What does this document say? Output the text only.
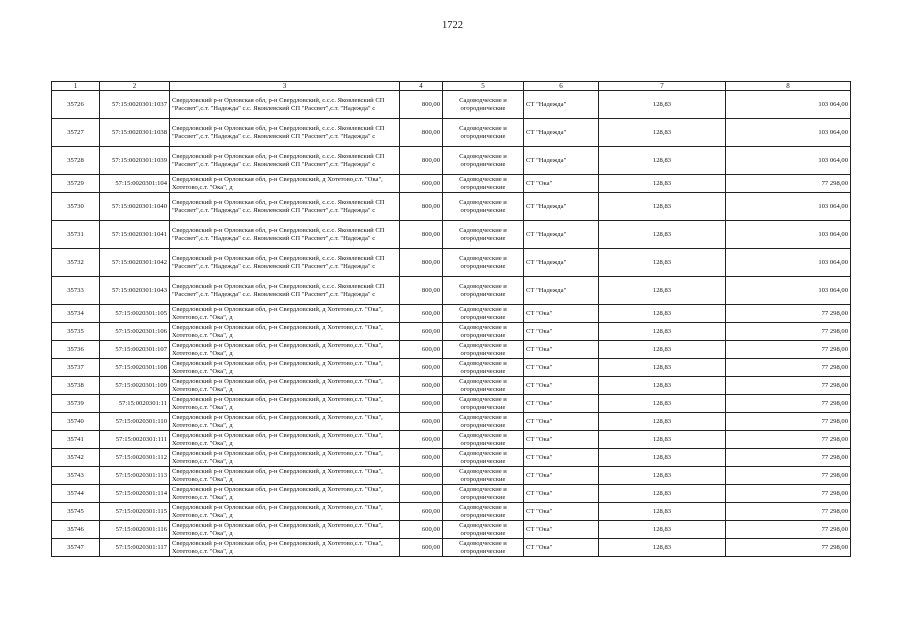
1722
1	2	3	4	5	6	7	8
35726	57:15:0020301:1037	Свердловский р-н Орловская обл, р-н Свердловский, с.с.с. Яковлевский СП "Рассвет",с.т. "Надежда" с.с. Яковлевский СП "Рассвет",с.т. "Надежда" с	800,00	Садоводческие и огороднические	СТ "Надежда"	128,83	103 064,00
35727	57:15:0020301:1038	Свердловский р-н Орловская обл, р-н Свердловский, с.с.с. Яковлевский СП "Рассвет",с.т. "Надежда" с.с. Яковлевский СП "Рассвет",с.т. "Надежда" с	800,00	Садоводческие и огороднические	СТ "Надежда"	128,83	103 064,00
35728	57:15:0020301:1039	Свердловский р-н Орловская обл, р-н Свердловский, с.с.с. Яковлевский СП "Рассвет",с.т. "Надежда" с.с. Яковлевский СП "Рассвет",с.т. "Надежда" с	800,00	Садоводческие и огороднические	СТ "Надежда"	128,83	103 064,00
35729	57:15:0020301:104	Свердловский р-н Орловская обл, р-н Свердловский, д Хотетово,с.т. "Ока", Хотетово,с.т. "Ока", д	600,00	Садоводческие и огороднические	СТ "Ока"	128,83	77 298,00
35730	57:15:0020301:1040	Свердловский р-н Орловская обл, р-н Свердловский, с.с.с. Яковлевский СП "Рассвет",с.т. "Надежда" с.с. Яковлевский СП "Рассвет",с.т. "Надежда" с	800,00	Садоводческие и огороднические	СТ "Надежда"	128,83	103 064,00
35731	57:15:0020301:1041	Свердловский р-н Орловская обл, р-н Свердловский, с.с.с. Яковлевский СП "Рассвет",с.т. "Надежда" с.с. Яковлевский СП "Рассвет",с.т. "Надежда" с	800,00	Садоводческие и огороднические	СТ "Надежда"	128,83	103 064,00
35732	57:15:0020301:1042	Свердловский р-н Орловская обл, р-н Свердловский, с.с.с. Яковлевский СП "Рассвет",с.т. "Надежда" с.с. Яковлевский СП "Рассвет",с.т. "Надежда" с	800,00	Садоводческие и огороднические	СТ "Надежда"	128,83	103 064,00
35733	57:15:0020301:1043	Свердловский р-н Орловская обл, р-н Свердловский, с.с.с. Яковлевский СП "Рассвет",с.т. "Надежда" с.с. Яковлевский СП "Рассвет",с.т. "Надежда" с	800,00	Садоводческие и огороднические	СТ "Надежда"	128,83	103 064,00
35734	57:15:0020301:105	Свердловский р-н Орловская обл, р-н Свердловский, д Хотетово,с.т. "Ока", Хотетово,с.т. "Ока", д	600,00	Садоводческие и огороднические	СТ "Ока"	128,83	77 298,00
35735	57:15:0020301:106	Свердловский р-н Орловская обл, р-н Свердловский, д Хотетово,с.т. "Ока", Хотетово,с.т. "Ока", д	600,00	Садоводческие и огороднические	СТ "Ока"	128,83	77 298,00
35736	57:15:0020301:107	Свердловский р-н Орловская обл, р-н Свердловский, д Хотетово,с.т. "Ока", Хотетово,с.т. "Ока", д	600,00	Садоводческие и огороднические	СТ "Ока"	128,83	77 298,00
35737	57:15:0020301:108	Свердловский р-н Орловская обл, р-н Свердловский, д Хотетово,с.т. "Ока", Хотетово,с.т. "Ока", д	600,00	Садоводческие и огороднические	СТ "Ока"	128,83	77 298,00
35738	57:15:0020301:109	Свердловский р-н Орловская обл, р-н Свердловский, д Хотетово,с.т. "Ока", Хотетово,с.т. "Ока", д	600,00	Садоводческие и огороднические	СТ "Ока"	128,83	77 298,00
35739	57:15:0020301:11	Свердловский р-н Орловская обл, р-н Свердловский, д Хотетово,с.т. "Ока", Хотетово,с.т. "Ока", д	600,00	Садоводческие и огороднические	СТ "Ока"	128,83	77 298,00
35740	57:15:0020301:110	Свердловский р-н Орловская обл, р-н Свердловский, д Хотетово,с.т. "Ока", Хотетово,с.т. "Ока", д	600,00	Садоводческие и огороднические	СТ "Ока"	128,83	77 298,00
35741	57:15:0020301:111	Свердловский р-н Орловская обл, р-н Свердловский, д Хотетово,с.т. "Ока", Хотетово,с.т. "Ока", д	600,00	Садоводческие и огороднические	СТ "Ока"	128,83	77 298,00
35742	57:15:0020301:112	Свердловский р-н Орловская обл, р-н Свердловский, д Хотетово,с.т. "Ока", Хотетово,с.т. "Ока", д	600,00	Садоводческие и огороднические	СТ "Ока"	128,83	77 298,00
35743	57:15:0020301:113	Свердловский р-н Орловская обл, р-н Свердловский, д Хотетово,с.т. "Ока", Хотетово,с.т. "Ока", д	600,00	Садоводческие и огороднические	СТ "Ока"	128,83	77 298,00
35744	57:15:0020301:114	Свердловский р-н Орловская обл, р-н Свердловский, д Хотетово,с.т. "Ока", Хотетово,с.т. "Ока", д	600,00	Садоводческие и огороднические	СТ "Ока"	128,83	77 298,00
35745	57:15:0020301:115	Свердловский р-н Орловская обл, р-н Свердловский, д Хотетово,с.т. "Ока", Хотетово,с.т. "Ока", д	600,00	Садоводческие и огороднические	СТ "Ока"	128,83	77 298,00
35746	57:15:0020301:116	Свердловский р-н Орловская обл, р-н Свердловский, д Хотетово,с.т. "Ока", Хотетово,с.т. "Ока", д	600,00	Садоводческие и огороднические	СТ "Ока"	128,83	77 298,00
35747	57:15:0020301:117	Свердловский р-н Орловская обл, р-н Свердловский, д Хотетово,с.т. "Ока", Хотетово,с.т. "Ока", д	600,00	Садоводческие и огороднические	СТ "Ока"	128,83	77 298,00
